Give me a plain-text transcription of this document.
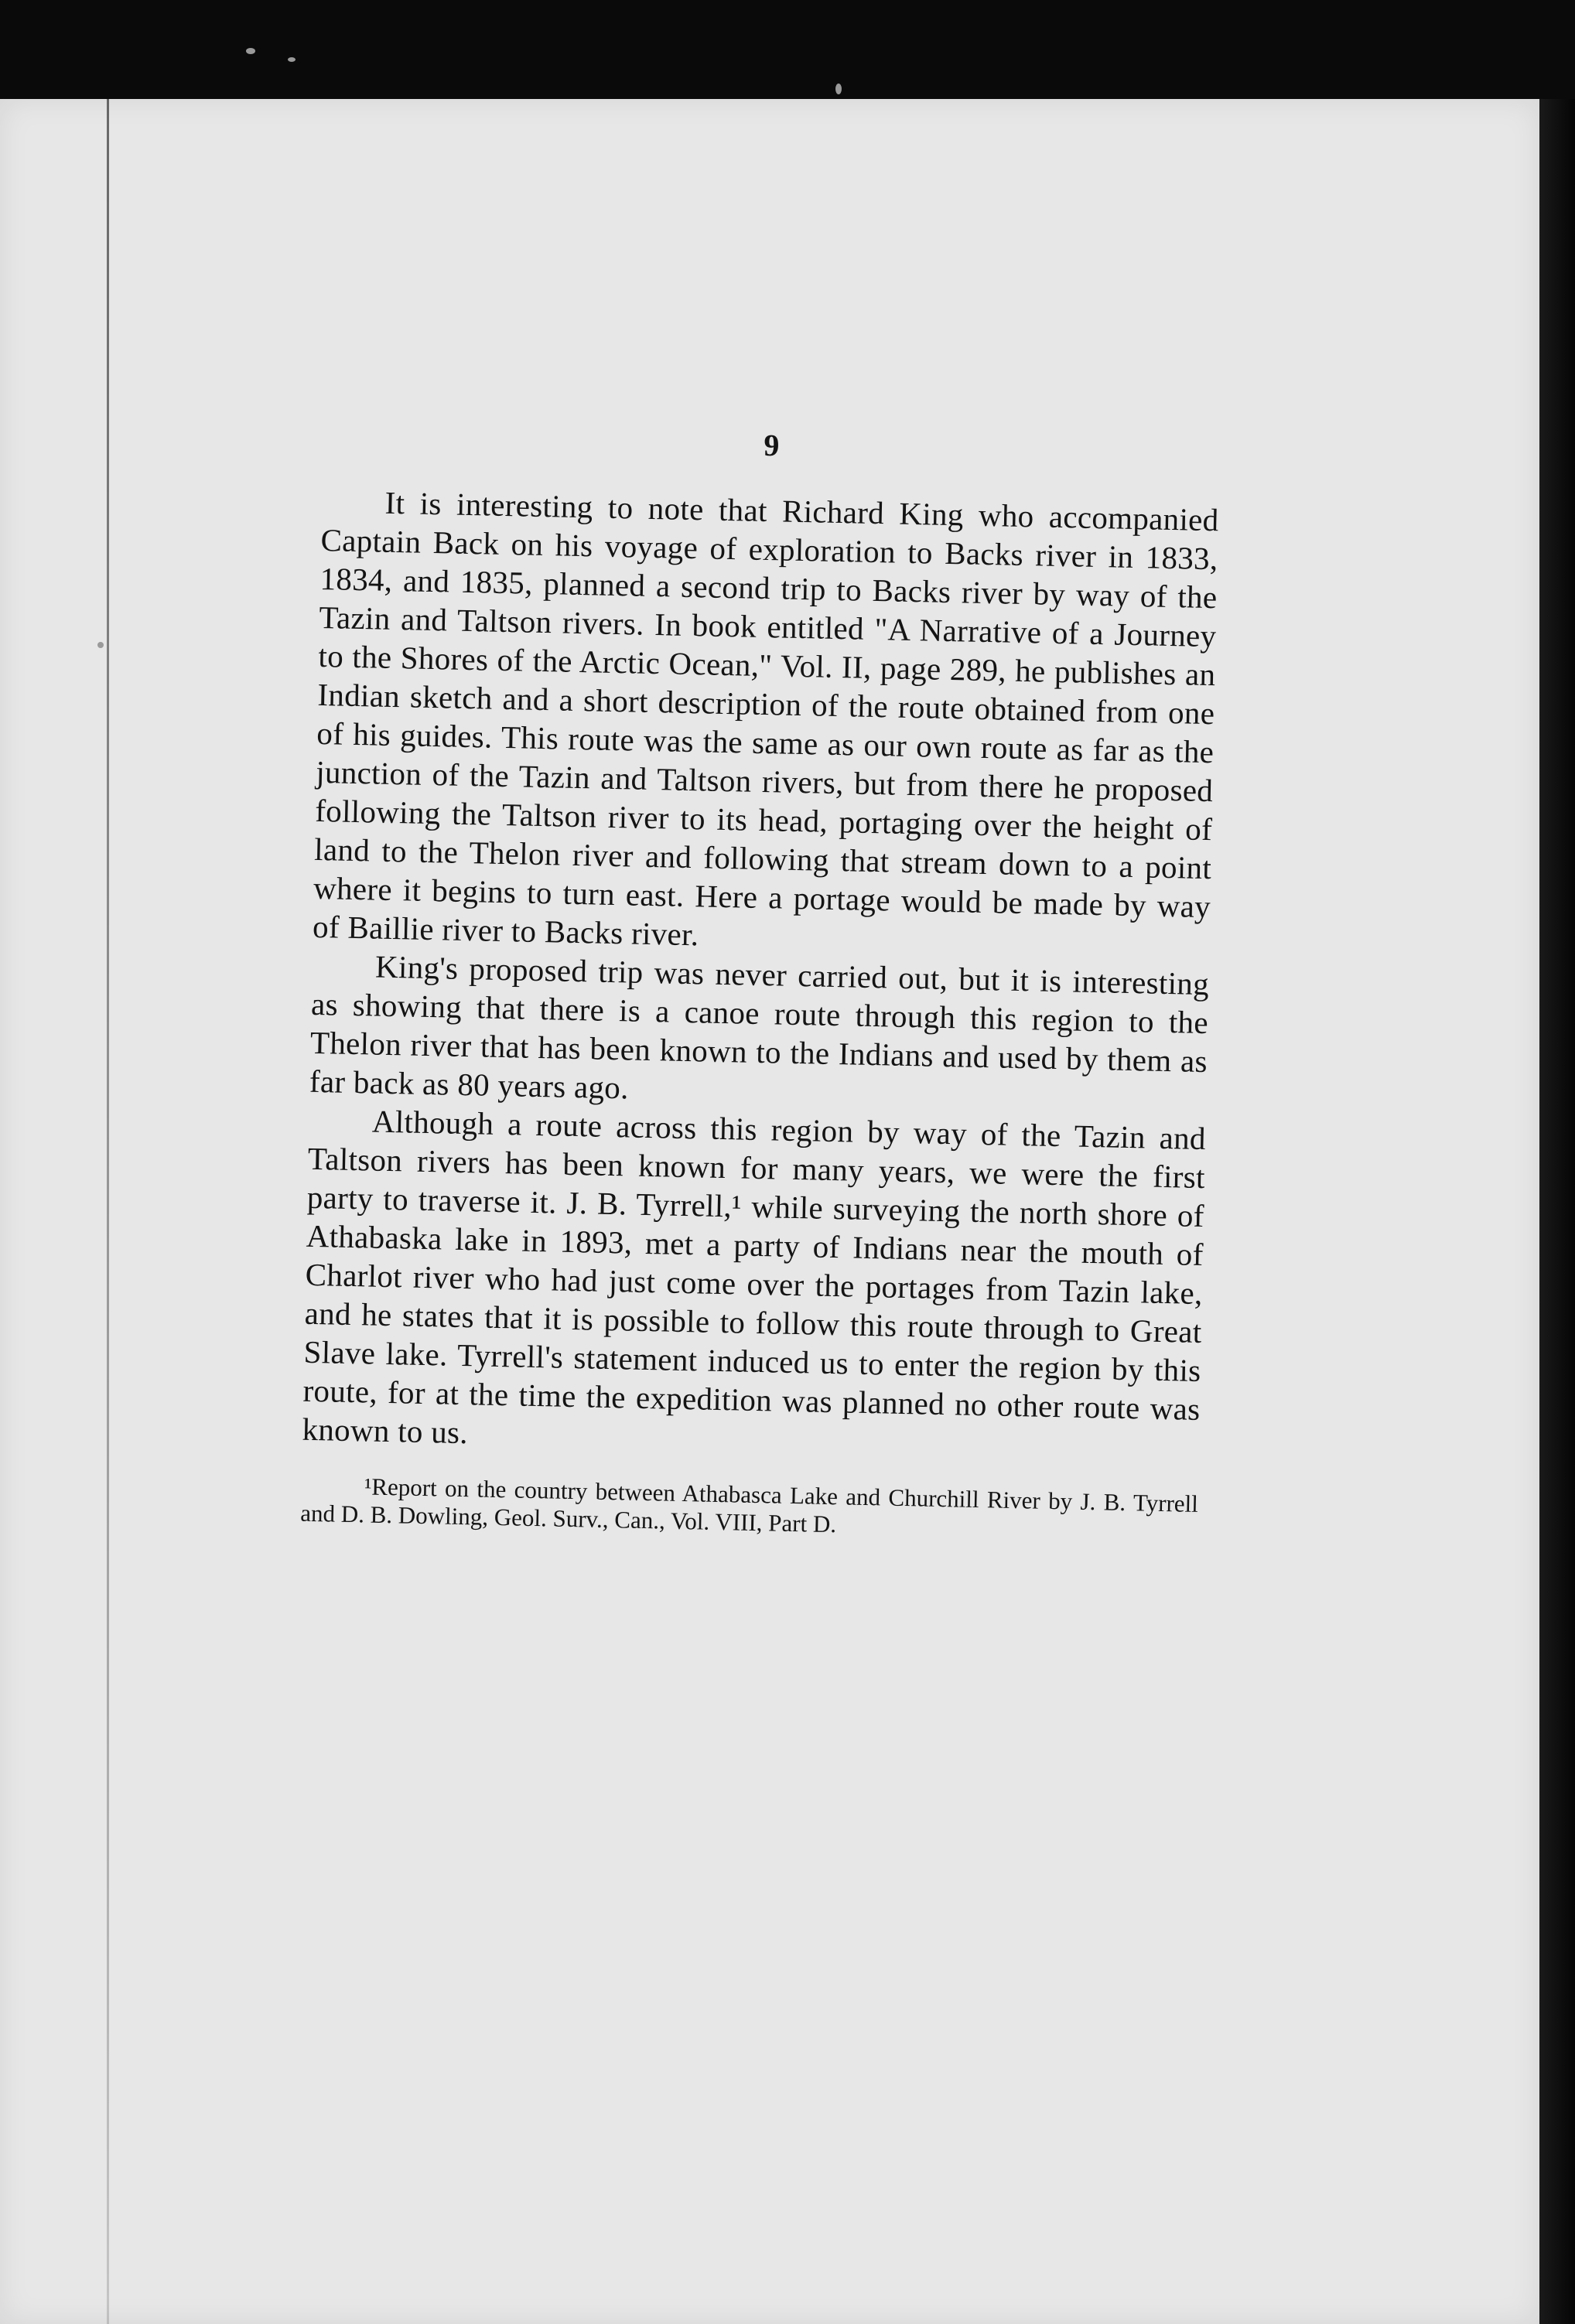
9

It is interesting to note that Richard King who accompanied Captain Back on his voyage of exploration to Backs river in 1833, 1834, and 1835, planned a second trip to Backs river by way of the Tazin and Taltson rivers. In book entitled "A Narrative of a Journey to the Shores of the Arctic Ocean," Vol. II, page 289, he publishes an Indian sketch and a short description of the route obtained from one of his guides. This route was the same as our own route as far as the junction of the Tazin and Taltson rivers, but from there he proposed following the Taltson river to its head, portaging over the height of land to the Thelon river and following that stream down to a point where it begins to turn east. Here a portage would be made by way of Baillie river to Backs river.

King's proposed trip was never carried out, but it is interesting as showing that there is a canoe route through this region to the Thelon river that has been known to the Indians and used by them as far back as 80 years ago.

Although a route across this region by way of the Tazin and Taltson rivers has been known for many years, we were the first party to traverse it. J. B. Tyrrell,¹ while surveying the north shore of Athabaska lake in 1893, met a party of Indians near the mouth of Charlot river who had just come over the portages from Tazin lake, and he states that it is possible to follow this route through to Great Slave lake. Tyrrell's statement induced us to enter the region by this route, for at the time the expedition was planned no other route was known to us.

¹Report on the country between Athabasca Lake and Churchill River by J. B. Tyrrell and D. B. Dowling, Geol. Surv., Can., Vol. VIII, Part D.
